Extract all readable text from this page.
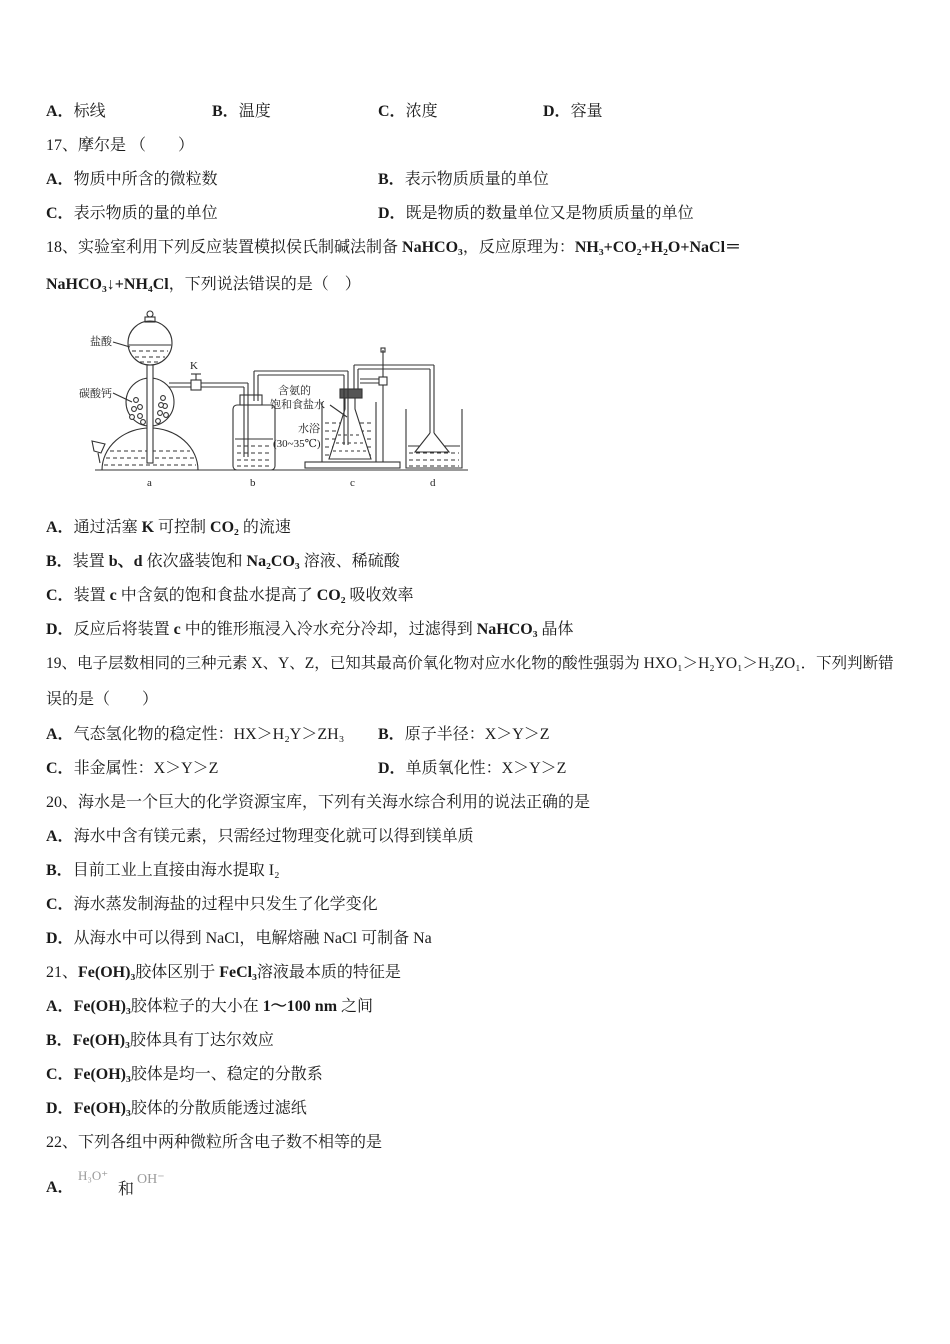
A．标线	B．温度	C．浓度	D．容量
17、摩尔是 （　　）
A．物质中所含的微粒数	B．表示物质质量的单位
C．表示物质的量的单位	D．既是物质的数量单位又是物质质量的单位
18、实验室利用下列反应装置模拟侯氏制碱法制备 NaHCO₃，反应原理为：NH₃+CO₂+H₂O+NaCl＝
NaHCO₃↓+NH₄Cl，下列说法错误的是（　）
盐酸
碳酸钙
K
含氨的
饱和食盐水
水浴
(30~35℃)
a	b	c	d
A．通过活塞 K 可控制 CO₂ 的流速
B．装置 b、d 依次盛装饱和 Na₂CO₃ 溶液、稀硫酸
C．装置 c 中含氨的饱和食盐水提高了 CO₂ 吸收效率
D．反应后将装置 c 中的锥形瓶浸入冷水充分冷却，过滤得到 NaHCO₃ 晶体
19、电子层数相同的三种元素 X、Y、Z，已知其最高价氧化物对应水化物的酸性强弱为 HXO₁＞H₂YO₁＞H₃ZO₁．下列判断错
误的是（　　）
A．气态氢化物的稳定性：HX＞H₂Y＞ZH₃ B．原子半径：X＞Y＞Z
C．非金属性：X＞Y＞Z	D．单质氧化性：X＞Y＞Z
20、海水是一个巨大的化学资源宝库，下列有关海水综合利用的说法正确的是
A．海水中含有镁元素，只需经过物理变化就可以得到镁单质
B．目前工业上直接由海水提取 I₂
C．海水蒸发制海盐的过程中只发生了化学变化
D．从海水中可以得到 NaCl，电解熔融 NaCl 可制备 Na
21、Fe(OH)₃胶体区别于 FeCl₃溶液最本质的特征是
A．Fe(OH)₃胶体粒子的大小在 1～100 nm 之间
B．Fe(OH)₃胶体具有丁达尔效应
C．Fe(OH)₃胶体是均一、稳定的分散系
D．Fe(OH)₃胶体的分散质能透过滤纸
22、下列各组中两种微粒所含电子数不相等的是
A．
H₃O⁺
和
OH⁻
